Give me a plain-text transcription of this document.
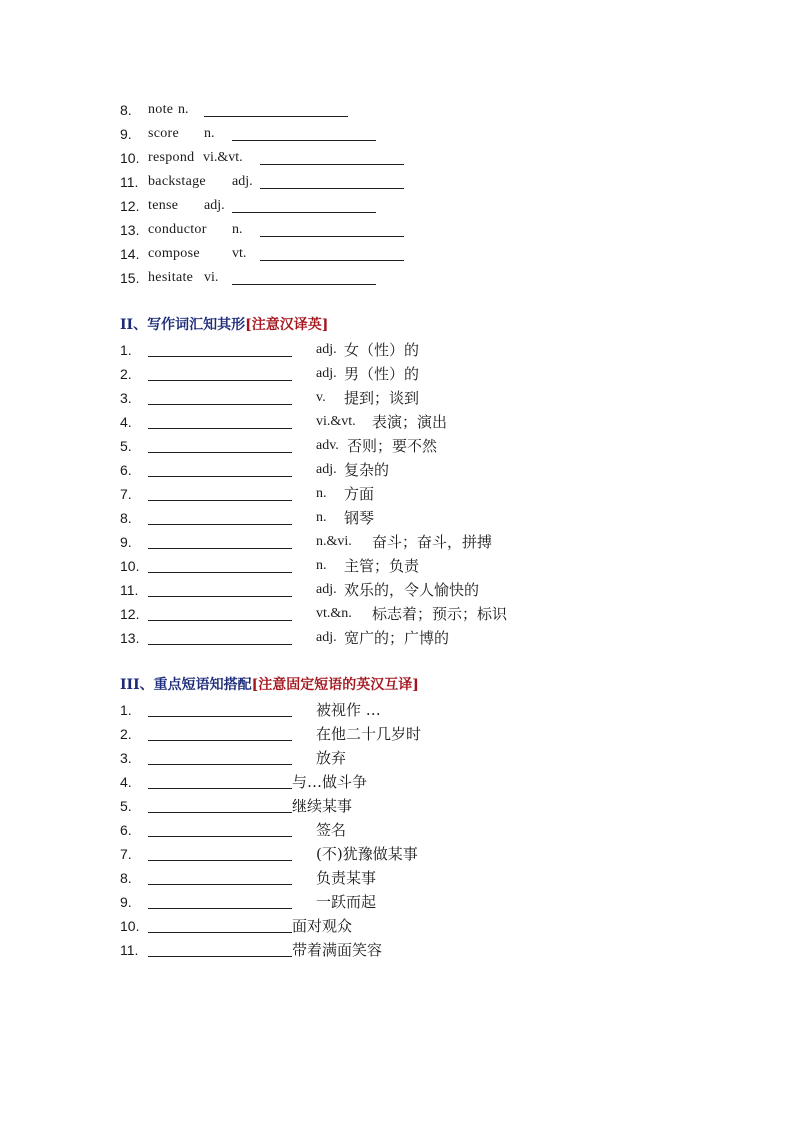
8. note n.
9. score n.
10. respond vi.&vt.
11. backstage adj.
12. tense adj.
13. conductor n.
14. compose vt.
15. hesitate vi.
II、写作词汇知其形[注意汉译英]
1.	adj. 女（性）的
2.	adj. 男（性）的
3.	v. 提到；谈到
4.	vi.&vt. 表演；演出
5.	adv. 否则；要不然
6.	adj. 复杂的
7.	n. 方面
8.	n. 钢琴
9.	n.&vi. 奋斗；奋斗，拼搏
10.	n. 主管；负责
11.	adj. 欢乐的，令人愉快的
12.	vt.&n. 标志着；预示；标识
13.	adj. 宽广的；广博的
III、重点短语知搭配[注意固定短语的英汉互译]
1.	被视作 …
2.	在他二十几岁时
3.	放弃
4.	与…做斗争
5.	继续某事
6.	签名
7.	(不)犹豫做某事
8.	负责某事
9.	一跃而起
10.	面对观众
11.	带着满面笑容
